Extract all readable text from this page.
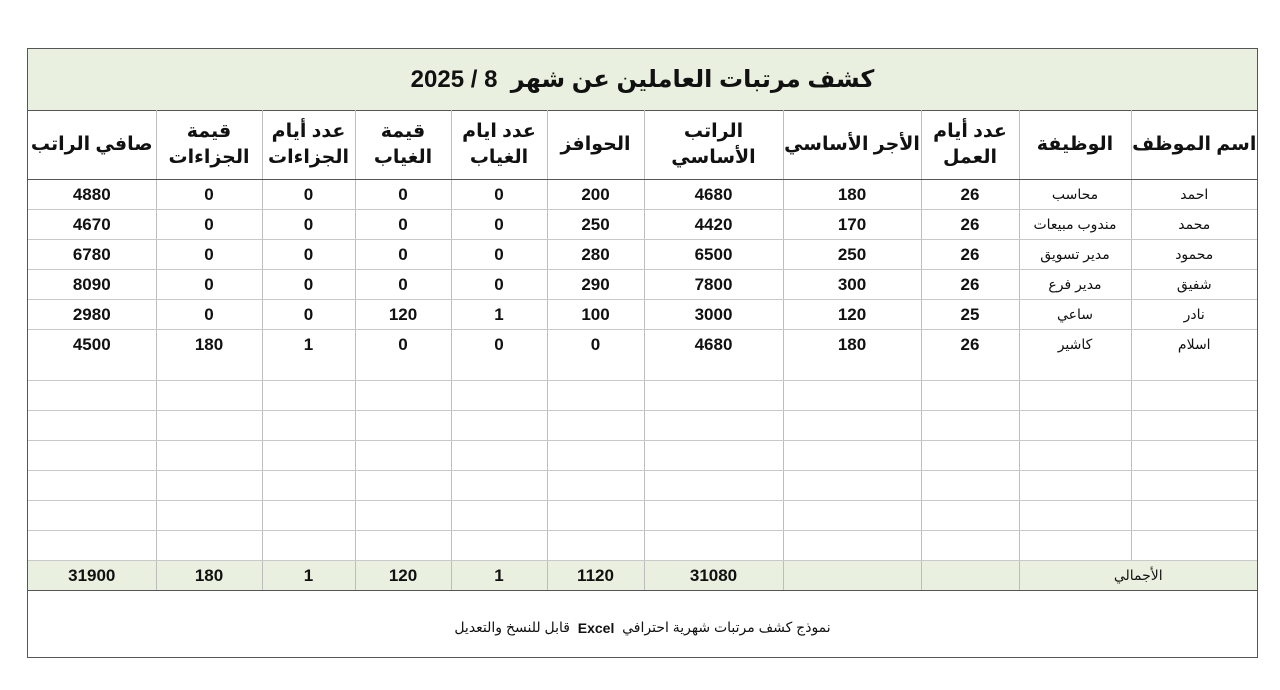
كشف مرتبات العاملين عن شهر

8 / 2025
اسم الموظف	الوظيفة	عدد أيام العمل	الأجر الأساسي	الراتب الأساسي	الحوافز	عدد ايام الغياب	قيمة الغياب	عدد أيام الجزاءات	قيمة الجزاءات	صافي الراتب
احمد	محاسب	26	180	4680	200	0	0	0	0	4880
محمد	مندوب مبيعات	26	170	4420	250	0	0	0	0	4670
محمود	مدير تسويق	26	250	6500	280	0	0	0	0	6780
شفيق	مدير فرع	26	300	7800	290	0	0	0	0	8090
نادر	ساعي	25	120	3000	100	1	120	0	0	2980
اسلام	كاشير	26	180	4680	0	0	0	1	180	4500

الأجمالي				31080	1120	1	120	1	180	31900
نموذج كشف مرتبات شهرية احترافي

Excel

قابل للنسخ والتعديل
